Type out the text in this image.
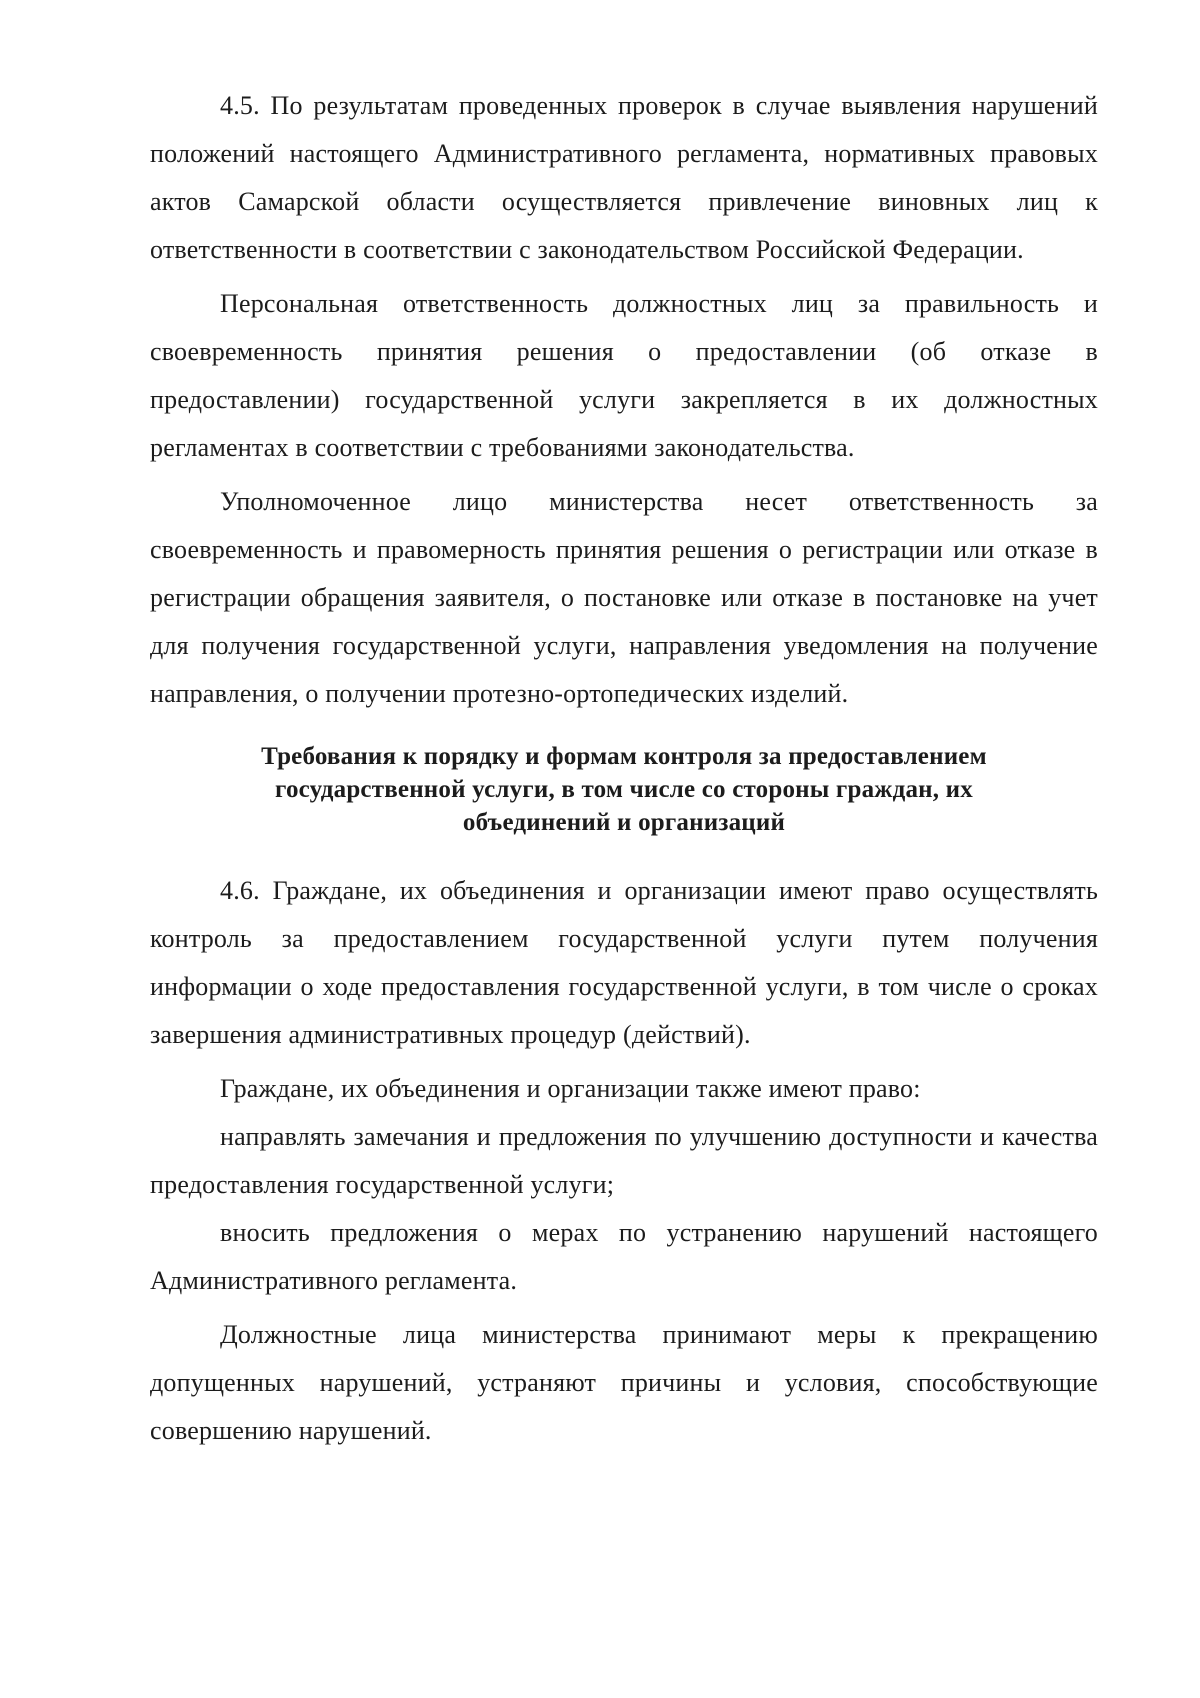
4.5. По результатам проведенных проверок в случае выявления нарушений положений настоящего Административного регламента, нормативных правовых актов Самарской области осуществляется привлечение виновных лиц к ответственности в соответствии с законодательством Российской Федерации.

Персональная ответственность должностных лиц за правильность и своевременность принятия решения о предоставлении (об отказе в предоставлении) государственной услуги закрепляется в их должностных регламентах в соответствии с требованиями законодательства.

Уполномоченное лицо министерства несет ответственность за своевременность и правомерность принятия решения о регистрации или отказе в регистрации обращения заявителя, о постановке или отказе в постановке на учет для получения государственной услуги, направления уведомления на получение направления, о получении протезно-ортопедических изделий.

Требования к порядку и формам контроля за предоставлением
государственной услуги, в том числе со стороны граждан, их
объединений и организаций

4.6. Граждане, их объединения и организации имеют право осуществлять контроль за предоставлением государственной услуги путем получения информации о ходе предоставления государственной услуги, в том числе о сроках завершения административных процедур (действий).

Граждане, их объединения и организации также имеют право:

направлять замечания и предложения по улучшению доступности и качества предоставления государственной услуги;

вносить предложения о мерах по устранению нарушений настоящего Административного регламента.

Должностные лица министерства принимают меры к прекращению допущенных нарушений, устраняют причины и условия, способствующие совершению нарушений.
